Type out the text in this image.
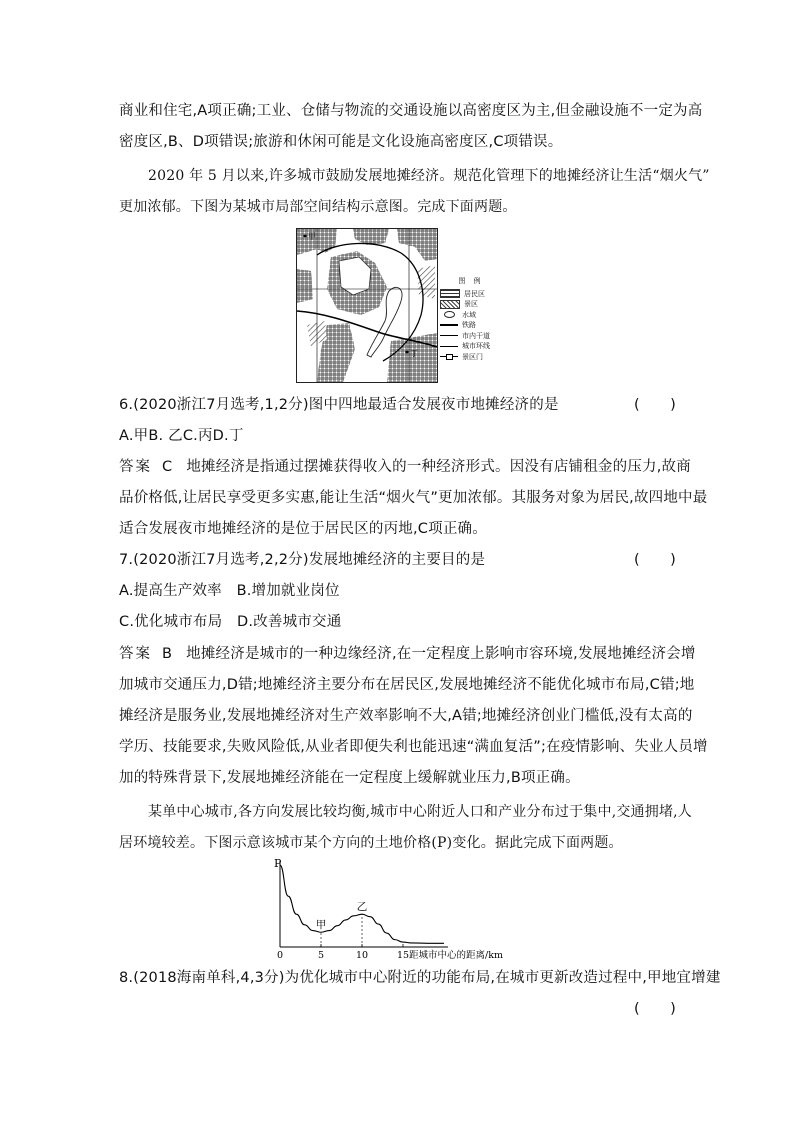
商业和住宅,A项正确;工业、仓储与物流的交通设施以高密度区为主,但金融设施不一定为高
密度区,B、D项错误;旅游和休闲可能是文化设施高密度区,C项错误。
2020 年 5 月以来,许多城市鼓励发展地摊经济。规范化管理下的地摊经济让生活“烟火气”
更加浓郁。下图为某城市局部空间结构示意图。完成下面两题。
甲
丁
图 例
居民区
景区
水域
铁路
市内干道
城市环线
景区门
6.(2020浙江7月选考,1,2分)图中四地最适合发展夜市地摊经济的是	(　　)
A.甲B. 乙C.丙D.丁
答案 C 地摊经济是指通过摆摊获得收入的一种经济形式。因没有店铺租金的压力,故商
品价格低,让居民享受更多实惠,能让生活“烟火气”更加浓郁。其服务对象为居民,故四地中最
适合发展夜市地摊经济的是位于居民区的丙地,C项正确。
7.(2020浙江7月选考,2,2分)发展地摊经济的主要目的是	(　　)
A.提高生产效率　B.增加就业岗位
C.优化城市布局　D.改善城市交通
答案 B 地摊经济是城市的一种边缘经济,在一定程度上影响市容环境,发展地摊经济会增
加城市交通压力,D错;地摊经济主要分布在居民区,发展地摊经济不能优化城市布局,C错;地
摊经济是服务业,发展地摊经济对生产效率影响不大,A错;地摊经济创业门槛低,没有太高的
学历、技能要求,失败风险低,从业者即便失利也能迅速“满血复活”;在疫情影响、失业人员增
加的特殊背景下,发展地摊经济能在一定程度上缓解就业压力,B项正确。
某单中心城市,各方向发展比较均衡,城市中心附近人口和产业分布过于集中,交通拥堵,人
居环境较差。下图示意该城市某个方向的土地价格(P)变化。据此完成下面两题。
P
0	5	10	15 距城市中心的距离/km
甲
乙
8.(2018海南单科,4,3分)为优化城市中心附近的功能布局,在城市更新改造过程中,甲地宜增建
(　　)
